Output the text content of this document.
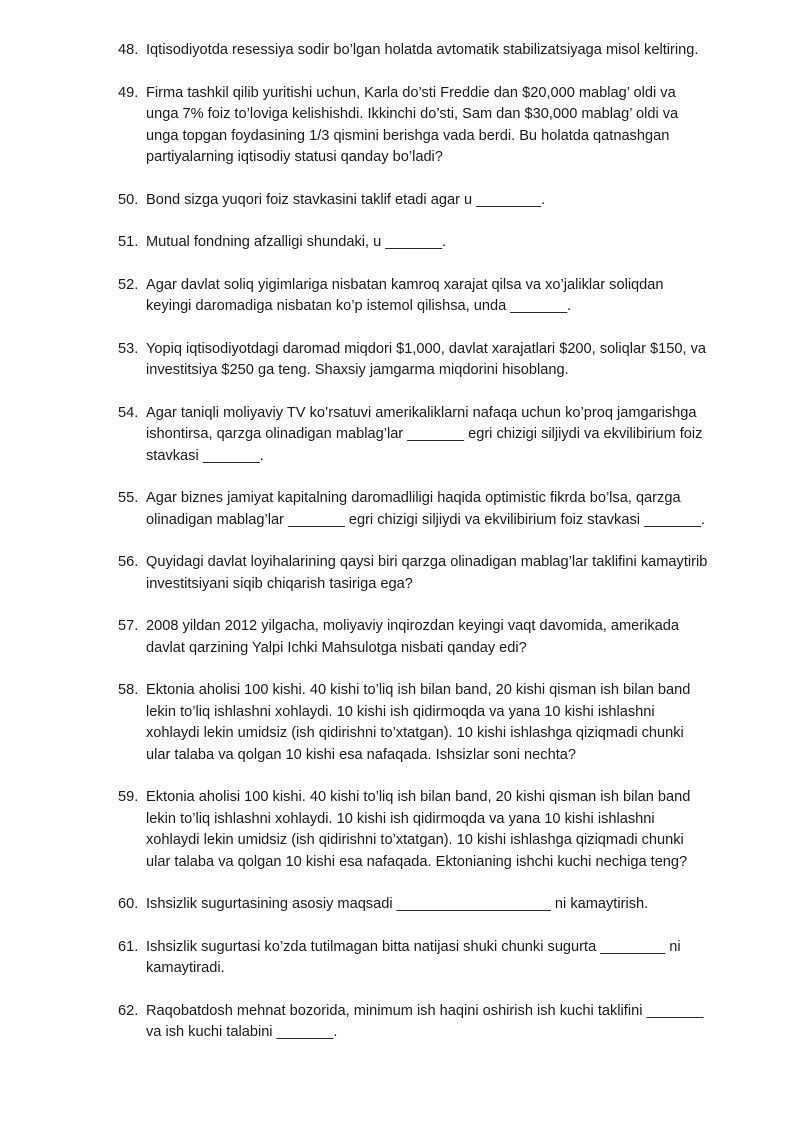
48. Iqtisodiyotda resessiya sodir bo’lgan holatda avtomatik stabilizatsiyaga misol keltiring.
49. Firma tashkil qilib yuritishi uchun, Karla do’sti Freddie dan $20,000 mablag’ oldi va unga 7% foiz to’loviga kelishishdi. Ikkinchi do’sti, Sam dan $30,000 mablag’ oldi va unga topgan foydasining 1/3 qismini berishga vada berdi. Bu holatda qatnashgan partiyalarning iqtisodiy statusi qanday bo’ladi?
50. Bond sizga yuqori foiz stavkasini taklif etadi agar u ________.
51. Mutual fondning afzalligi shundaki, u _______.
52. Agar davlat soliq yigimlariga nisbatan kamroq xarajat qilsa va xo’jaliklar soliqdan keyingi daromadiga nisbatan ko’p istemol qilishsa, unda _______.
53. Yopiq iqtisodiyotdagi daromad miqdori $1,000, davlat xarajatlari $200, soliqlar $150, va investitsiya $250 ga teng. Shaxsiy jamgarma miqdorini hisoblang.
54. Agar taniqli moliyaviy TV ko’rsatuvi amerikaliklarni nafaqa uchun ko’proq jamgarishga ishontirsa, qarzga olinadigan mablag’lar _______ egri chizigi siljiydi va ekvilibirium foiz stavkasi _______.
55. Agar biznes jamiyat kapitalning daromadliligi haqida optimistic fikrda bo’lsa, qarzga olinadigan mablag’lar _______ egri chizigi siljiydi va ekvilibirium foiz stavkasi _______.
56. Quyidagi davlat loyihalarining qaysi biri qarzga olinadigan mablag’lar taklifini kamaytirib investitsiyani siqib chiqarish tasiriga ega?
57. 2008 yildan 2012 yilgacha, moliyaviy inqirozdan keyingi vaqt davomida, amerikada davlat qarzining Yalpi Ichki Mahsulotga nisbati qanday edi?
58. Ektonia aholisi 100 kishi. 40 kishi to’liq ish bilan band, 20 kishi qisman ish bilan band lekin to’liq ishlashni xohlaydi. 10 kishi ish qidirmoqda va yana 10 kishi ishlashni xohlaydi lekin umidsiz (ish qidirishni to’xtatgan). 10 kishi ishlashga qiziqmadi chunki ular talaba va qolgan 10 kishi esa nafaqada. Ishsizlar soni nechta?
59. Ektonia aholisi 100 kishi. 40 kishi to’liq ish bilan band, 20 kishi qisman ish bilan band lekin to’liq ishlashni xohlaydi. 10 kishi ish qidirmoqda va yana 10 kishi ishlashni xohlaydi lekin umidsiz (ish qidirishni to’xtatgan). 10 kishi ishlashga qiziqmadi chunki ular talaba va qolgan 10 kishi esa nafaqada. Ektonianing ishchi kuchi nechiga teng?
60. Ishsizlik sugurtasining asosiy maqsadi ___________________ ni kamaytirish.
61. Ishsizlik sugurtasi ko’zda tutilmagan bitta natijasi shuki chunki sugurta ________ ni kamaytiradi.
62. Raqobatdosh mehnat bozorida, minimum ish haqini oshirish ish kuchi taklifini _______ va ish kuchi talabini _______.
